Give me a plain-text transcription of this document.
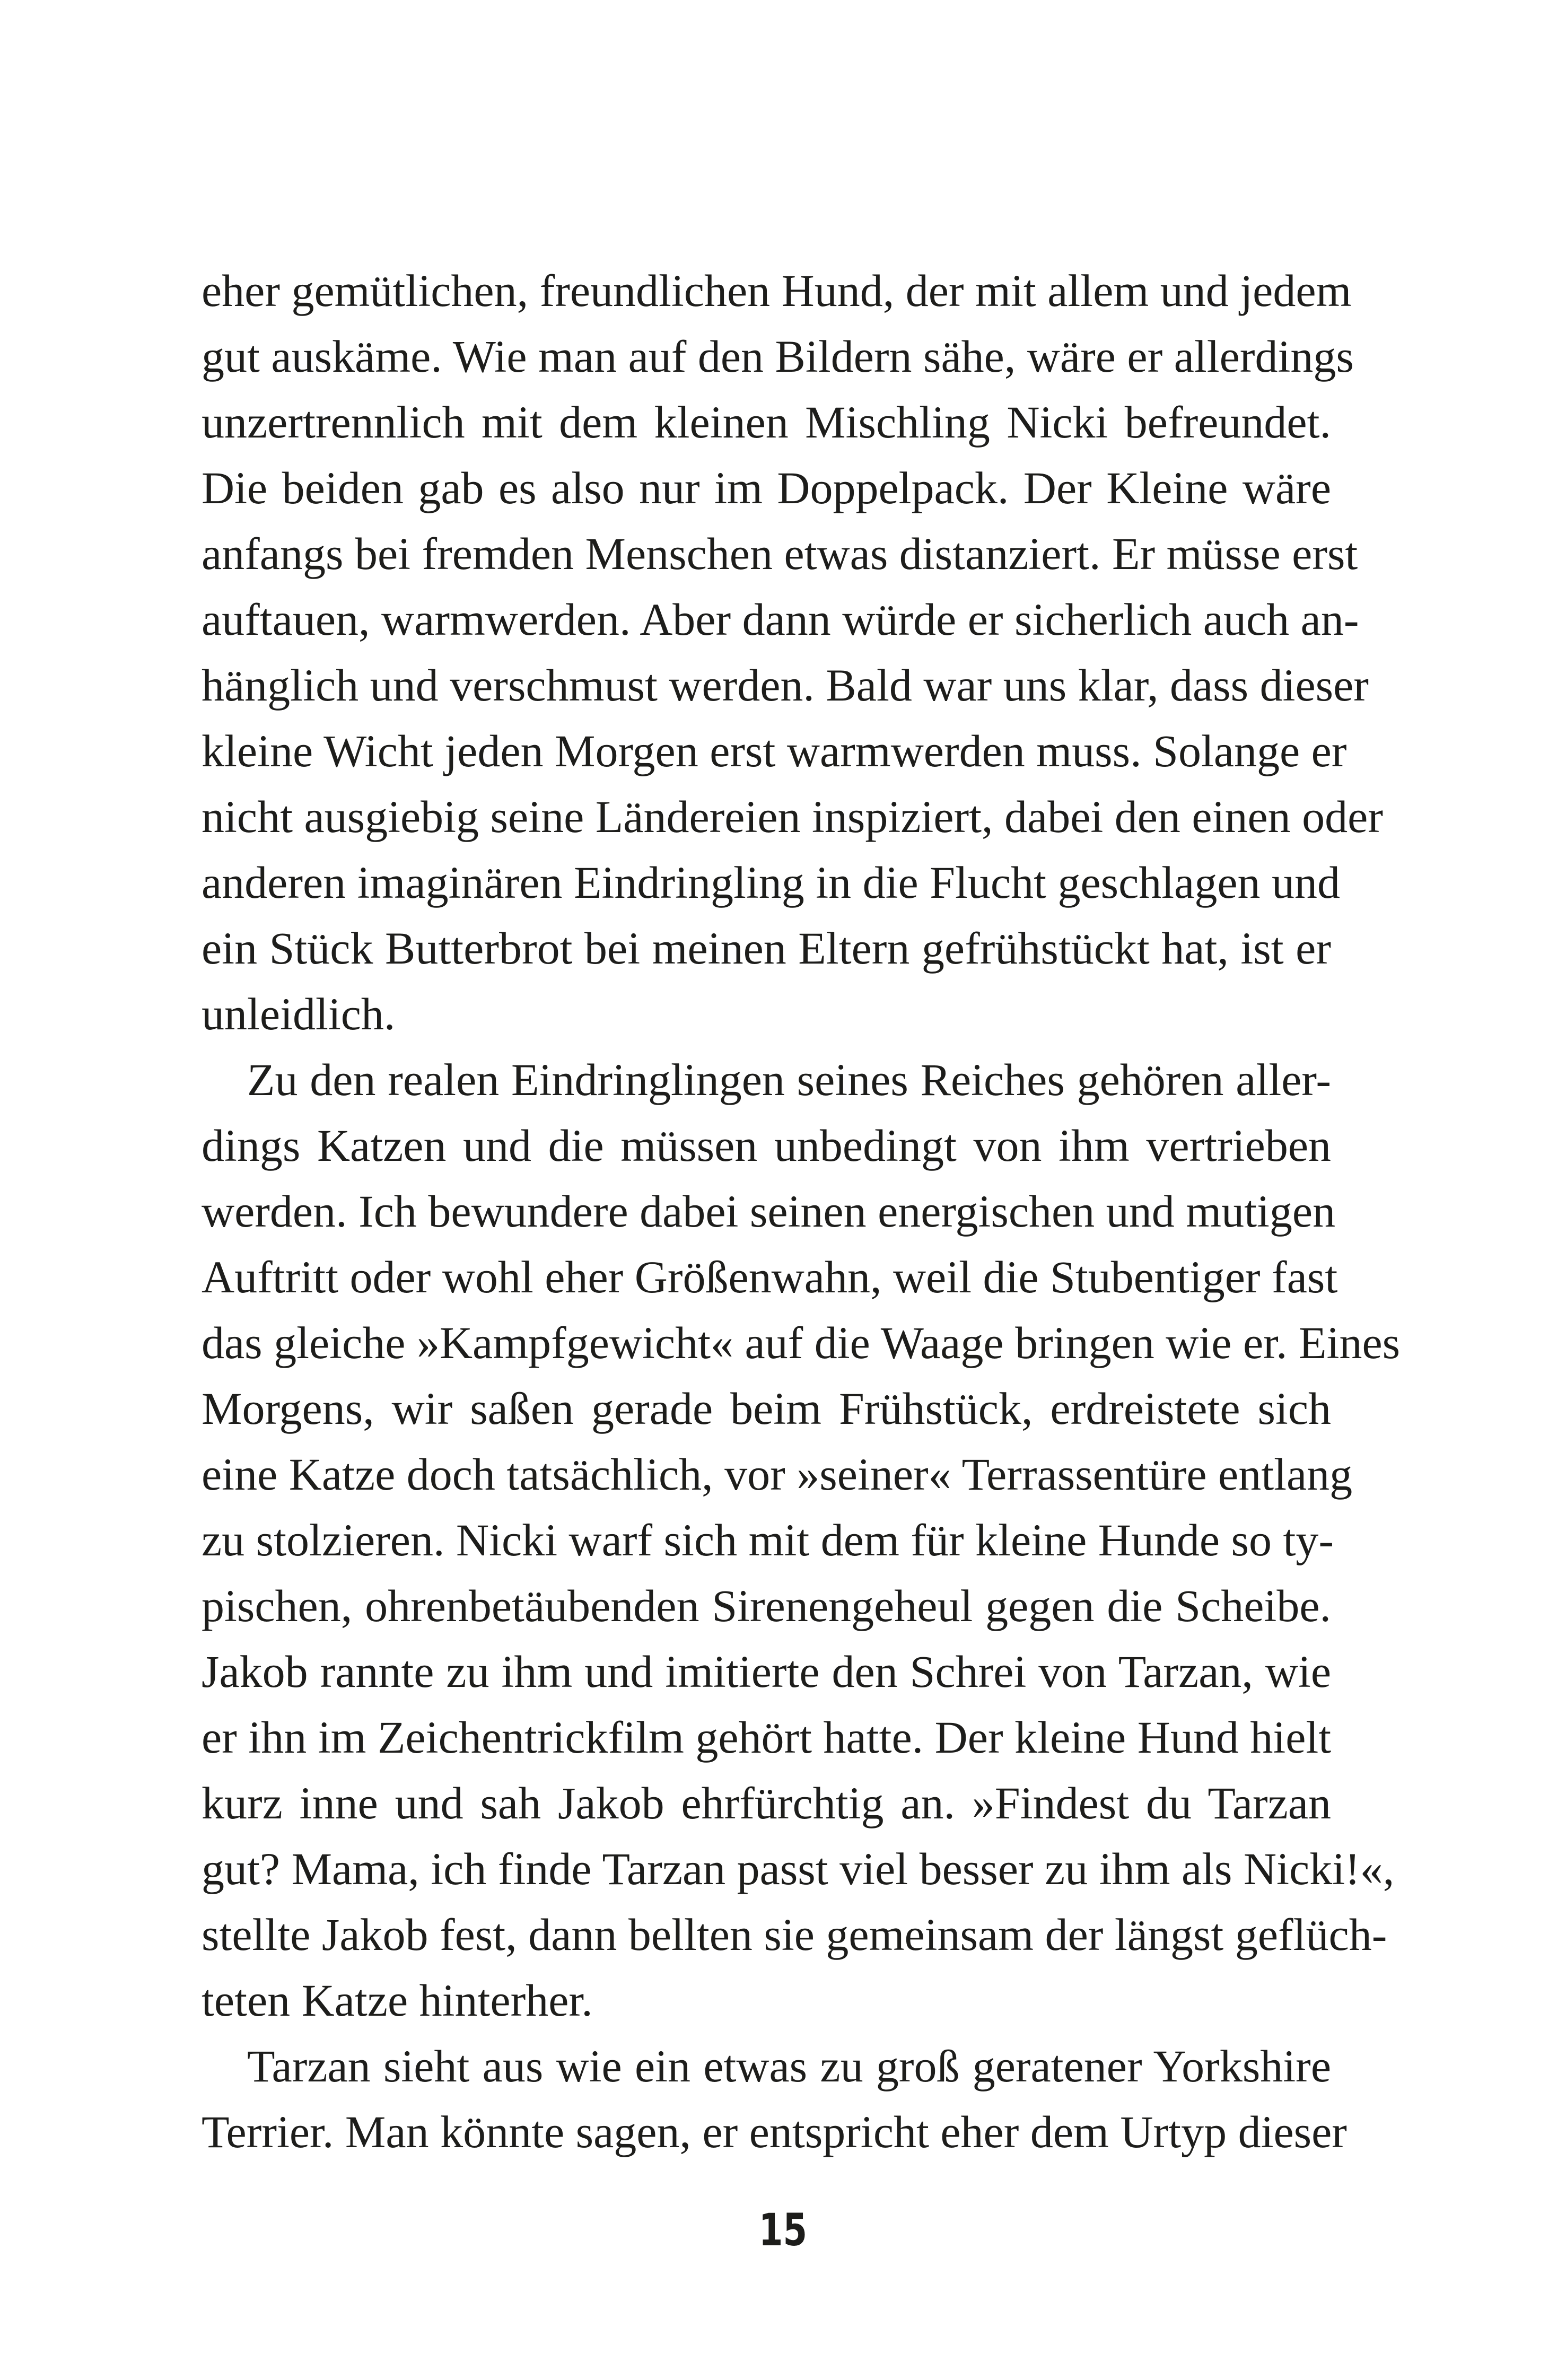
eher gemütlichen, freundlichen Hund, der mit allem und jedem
gut auskäme. Wie man auf den Bildern sähe, wäre er allerdings
unzertrennlich mit dem kleinen Mischling Nicki befreundet.
Die beiden gab es also nur im Doppelpack. Der Kleine wäre
anfangs bei fremden Menschen etwas distanziert. Er müsse erst
auftauen, warmwerden. Aber dann würde er sicherlich auch an-
hänglich und verschmust werden. Bald war uns klar, dass dieser
kleine Wicht jeden Morgen erst warmwerden muss. Solange er
nicht ausgiebig seine Ländereien inspiziert, dabei den einen oder
anderen imaginären Eindringling in die Flucht geschlagen und
ein Stück Butterbrot bei meinen Eltern gefrühstückt hat, ist er
unleidlich.
Zu den realen Eindringlingen seines Reiches gehören aller-
dings Katzen und die müssen unbedingt von ihm vertrieben
werden. Ich bewundere dabei seinen energischen und mutigen
Auftritt oder wohl eher Größenwahn, weil die Stubentiger fast
das gleiche »Kampfgewicht« auf die Waage bringen wie er. Eines
Morgens, wir saßen gerade beim Frühstück, erdreistete sich
eine Katze doch tatsächlich, vor »seiner« Terrassentüre entlang
zu stolzieren. Nicki warf sich mit dem für kleine Hunde so ty-
pischen, ohrenbetäubenden Sirenengeheul gegen die Scheibe.
Jakob rannte zu ihm und imitierte den Schrei von Tarzan, wie
er ihn im Zeichentrickfilm gehört hatte. Der kleine Hund hielt
kurz inne und sah Jakob ehrfürchtig an. »Findest du Tarzan
gut? Mama, ich finde Tarzan passt viel besser zu ihm als Nicki!«,
stellte Jakob fest, dann bellten sie gemeinsam der längst geflüch-
teten Katze hinterher.
Tarzan sieht aus wie ein etwas zu groß geratener Yorkshire
Terrier. Man könnte sagen, er entspricht eher dem Urtyp dieser
15
